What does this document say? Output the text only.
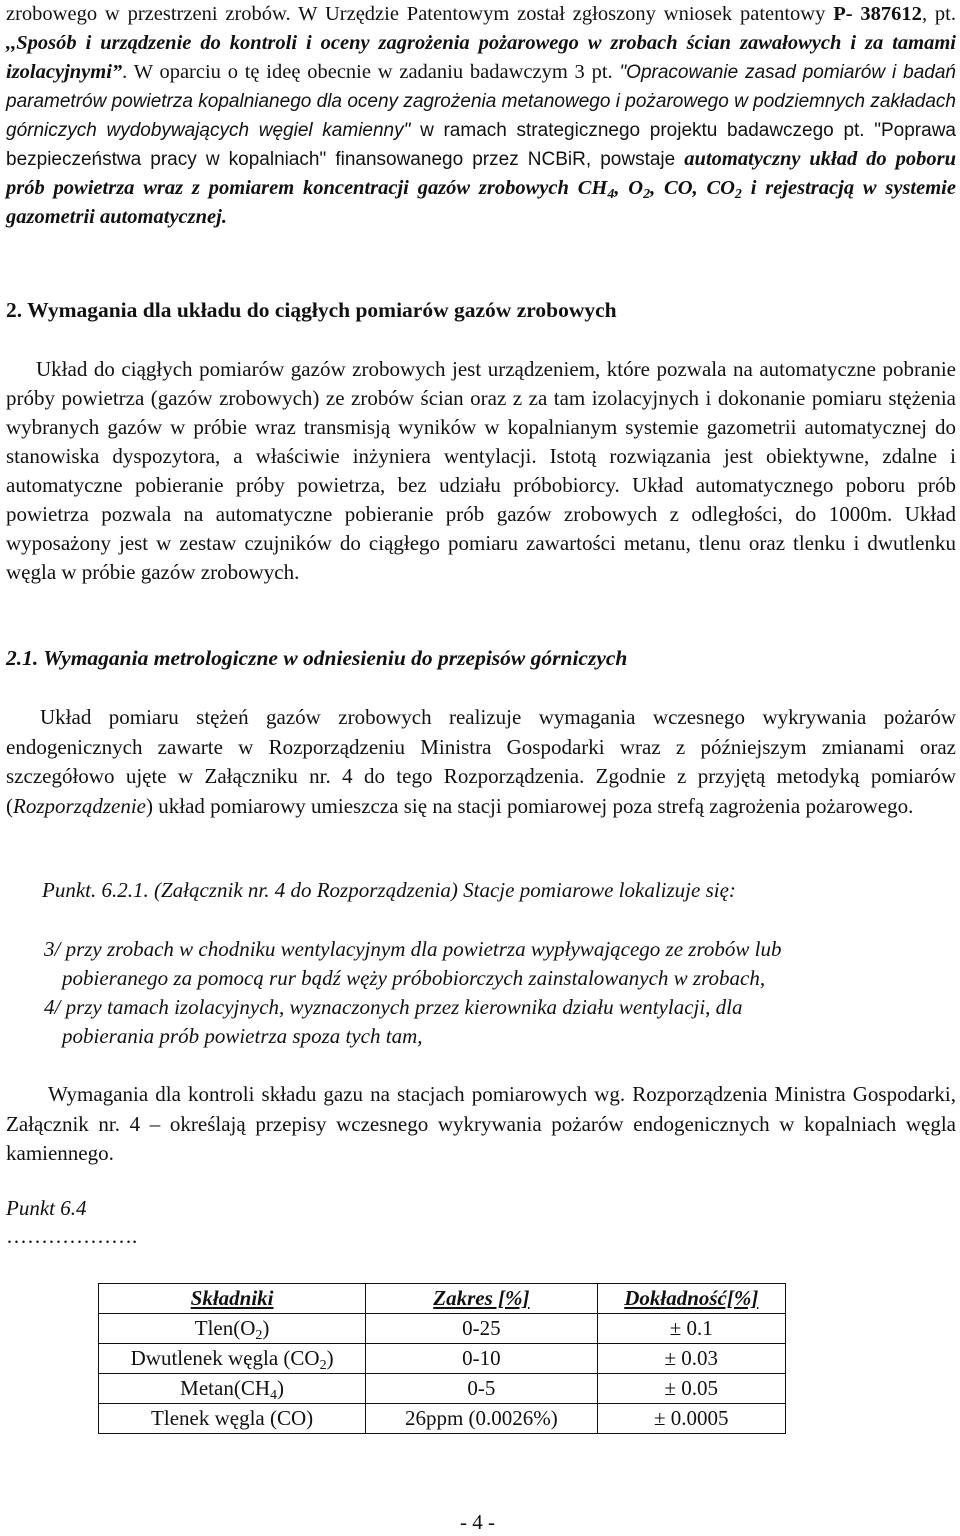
zrobowego w przestrzeni zrobów. W Urzędzie Patentowym został zgłoszony wniosek patentowy P- 387612, pt. ,,Sposób i urządzenie do kontroli i oceny zagrożenia pożarowego w zrobach ścian zawałowych i za tamami izolacyjnymi”. W oparciu o tę ideę obecnie w zadaniu badawczym 3 pt. "Opracowanie zasad pomiarów i badań parametrów powietrza kopalnianego dla oceny zagrożenia metanowego i pożarowego w podziemnych zakładach górniczych wydobywających węgiel kamienny" w ramach strategicznego projektu badawczego pt. "Poprawa bezpieczeństwa pracy w kopalniach" finansowanego przez NCBiR, powstaje automatyczny układ do poboru prób powietrza wraz z pomiarem koncentracji gazów zrobowych $CH_4$, $O_2$, CO, $CO_2$ i rejestracją w systemie gazometrii automatycznej.

2. Wymagania dla układu do ciągłych pomiarów gazów zrobowych

Układ do ciągłych pomiarów gazów zrobowych jest urządzeniem, które pozwala na automatyczne pobranie próby powietrza (gazów zrobowych) ze zrobów ścian oraz z za tam izolacyjnych i dokonanie pomiaru stężenia wybranych gazów w próbie wraz transmisją wyników w kopalnianym systemie gazometrii automatycznej do stanowiska dyspozytora, a właściwie inżyniera wentylacji. Istotą rozwiązania jest obiektywne, zdalne i automatyczne pobieranie próby powietrza, bez udziału próbobiorcy. Układ automatycznego poboru prób powietrza pozwala na automatyczne pobieranie prób gazów zrobowych z odległości, do 1000m. Układ wyposażony jest w zestaw czujników do ciągłego pomiaru zawartości metanu, tlenu oraz tlenku i dwutlenku węgla w próbie gazów zrobowych.

2.1. Wymagania metrologiczne w odniesieniu do przepisów górniczych

Układ pomiaru stężeń gazów zrobowych realizuje wymagania wczesnego wykrywania pożarów endogenicznych zawarte w Rozporządzeniu Ministra Gospodarki wraz z późniejszym zmianami oraz szczegółowo ujęte w Załączniku nr. 4 do tego Rozporządzenia. Zgodnie z przyjętą metodyką pomiarów (Rozporządzenie) układ pomiarowy umieszcza się na stacji pomiarowej poza strefą zagrożenia pożarowego.

Punkt. 6.2.1. (Załącznik nr. 4 do Rozporządzenia) Stacje pomiarowe lokalizuje się:

3/ przy zrobach w chodniku wentylacyjnym dla powietrza wypływającego ze zrobów lub
pobieranego za pomocą rur bądź węży próbobiorczych zainstalowanych w zrobach,
4/ przy tamach izolacyjnych, wyznaczonych przez kierownika działu wentylacji, dla
pobierania prób powietrza spoza tych tam,

Wymagania dla kontroli składu gazu na stacjach pomiarowych wg. Rozporządzenia Ministra Gospodarki, Załącznik nr. 4 – określają przepisy wczesnego wykrywania pożarów endogenicznych w kopalniach węgla kamiennego.

Punkt 6.4

……………….

Składniki	Zakres [%]	Dokładność[%]
$Tlen(O_2)$	0-25	± 0.1
Dwutlenek węgla $(CO_2)$	0-10	± 0.03
$Metan(CH_4)$	0-5	± 0.05
Tlenek węgla (CO)	26ppm (0.0026%)	± 0.0005

- 4 -
